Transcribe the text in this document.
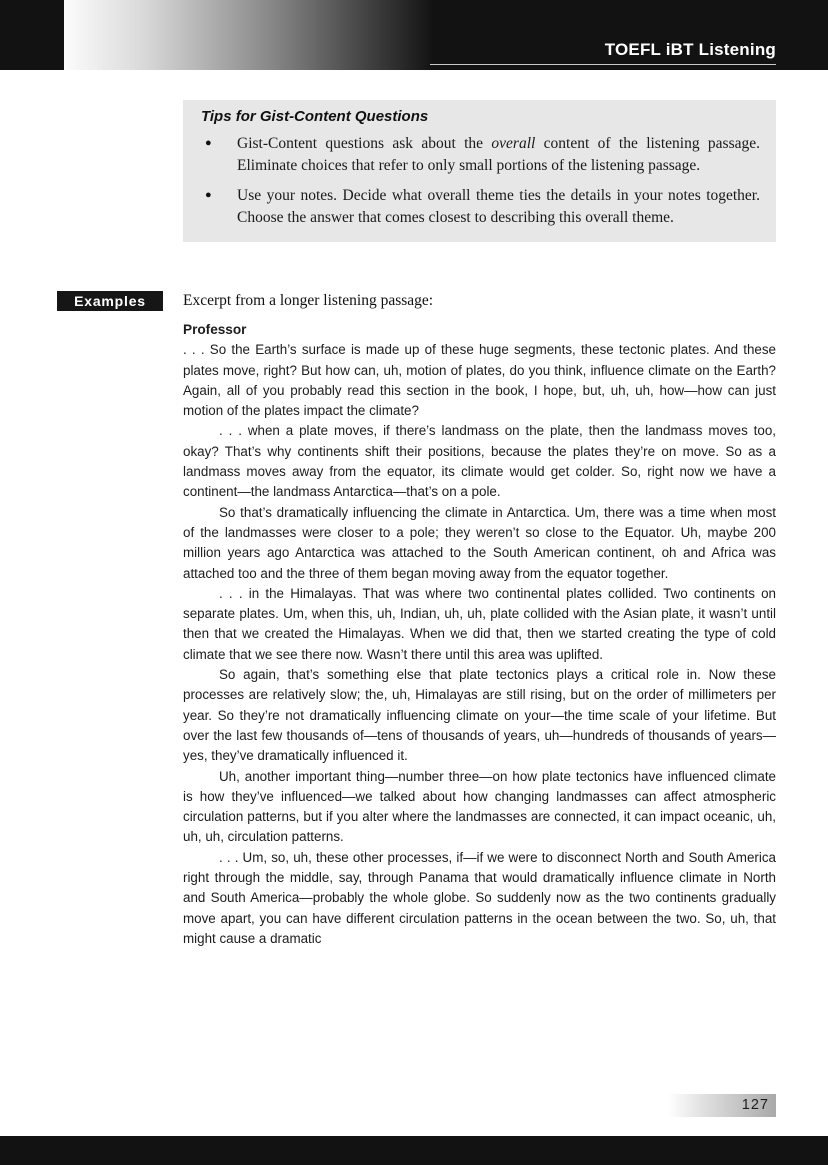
TOEFL iBT Listening
Tips for Gist-Content Questions
●	Gist-Content questions ask about the overall content of the listening passage. Eliminate choices that refer to only small portions of the listening passage.
●	Use your notes. Decide what overall theme ties the details in your notes together. Choose the answer that comes closest to describing this overall theme.
Examples	Excerpt from a longer listening passage:

Professor

. . . So the Earth’s surface is made up of these huge segments, these tectonic plates. And these plates move, right? But how can, uh, motion of plates, do you think, influence climate on the Earth? Again, all of you probably read this section in the book, I hope, but, uh, uh, how—how can just motion of the plates impact the climate?

. . . when a plate moves, if there’s landmass on the plate, then the landmass moves too, okay? That’s why continents shift their positions, because the plates they’re on move. So as a landmass moves away from the equator, its climate would get colder. So, right now we have a continent—the landmass Antarctica—that’s on a pole.

So that’s dramatically influencing the climate in Antarctica. Um, there was a time when most of the landmasses were closer to a pole; they weren’t so close to the Equator. Uh, maybe 200 million years ago Antarctica was attached to the South American continent, oh and Africa was attached too and the three of them began moving away from the equator together.

. . . in the Himalayas. That was where two continental plates collided. Two continents on separate plates. Um, when this, uh, Indian, uh, uh, plate collided with the Asian plate, it wasn’t until then that we created the Himalayas. When we did that, then we started creating the type of cold climate that we see there now. Wasn’t there until this area was uplifted.

So again, that’s something else that plate tectonics plays a critical role in. Now these processes are relatively slow; the, uh, Himalayas are still rising, but on the order of millimeters per year. So they’re not dramatically influencing climate on your—the time scale of your lifetime. But over the last few thousands of—tens of thousands of years, uh—hundreds of thousands of years—yes, they’ve dramatically influenced it.

Uh, another important thing—number three—on how plate tectonics have influenced climate is how they’ve influenced—we talked about how changing landmasses can affect atmospheric circulation patterns, but if you alter where the landmasses are connected, it can impact oceanic, uh, uh, uh, circulation patterns.

. . . Um, so, uh, these other processes, if—if we were to disconnect North and South America right through the middle, say, through Panama that would dramatically influence climate in North and South America—probably the whole globe. So suddenly now as the two continents gradually move apart, you can have different circulation patterns in the ocean between the two. So, uh, that might cause a dramatic

127
